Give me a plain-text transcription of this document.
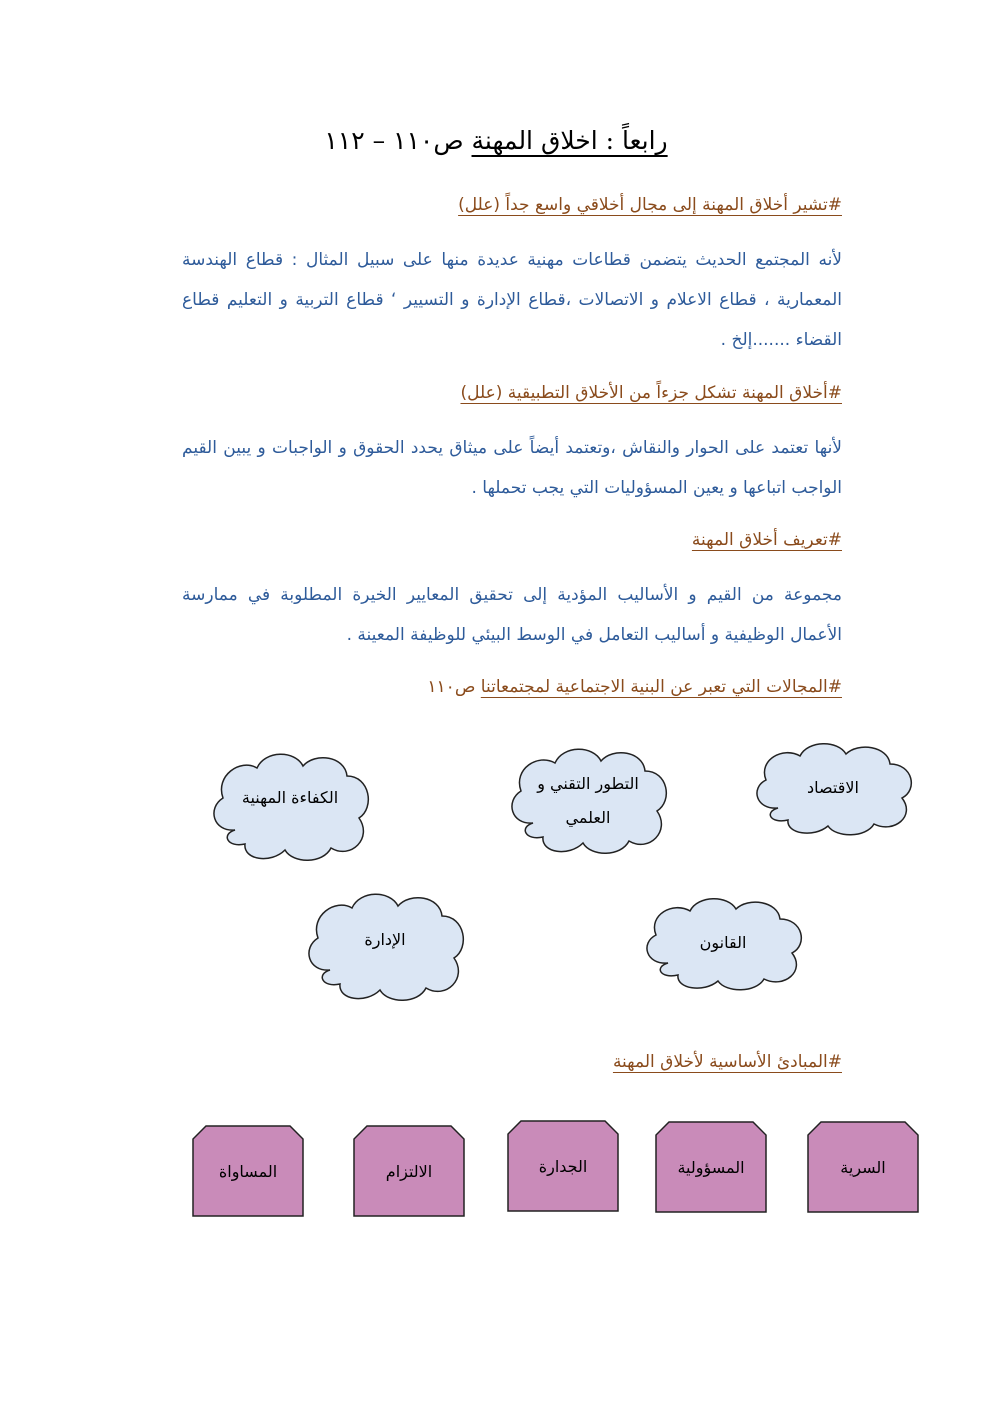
رابعاً : اخلاق المهنة ص١١٠ – ١١٢
#تشير أخلاق المهنة إلى مجال أخلاقي واسع جداً (علل)
لأنه المجتمع الحديث يتضمن قطاعات مهنية عديدة منها على سبيل المثال : قطاع الهندسة المعمارية ، قطاع الاعلام و الاتصالات ،قطاع الإدارة و التسيير ‘ قطاع التربية و التعليم قطاع القضاء .......إلخ .
#أخلاق المهنة تشكل جزءاً من الأخلاق التطبيقية (علل)
لأنها تعتمد على الحوار والنقاش ،وتعتمد أيضاً على ميثاق يحدد الحقوق و الواجبات و يبين القيم الواجب اتباعها و يعين المسؤوليات التي يجب تحملها .
#تعريف أخلاق المهنة
مجموعة من القيم و الأساليب المؤدية إلى تحقيق المعايير الخيرة المطلوبة في ممارسة الأعمال الوظيفية و أساليب التعامل في الوسط البيئي للوظيفة المعينة .
#المجالات التي تعبر عن البنية الاجتماعية لمجتمعاتنا ص١١٠
الاقتصاد
التطور التقني و العلمي
الكفاءة المهنية
القانون
الإدارة
#المبادئ الأساسية لأخلاق المهنة
السرية
المسؤولية
الجدارة
الالتزام
المساواة
